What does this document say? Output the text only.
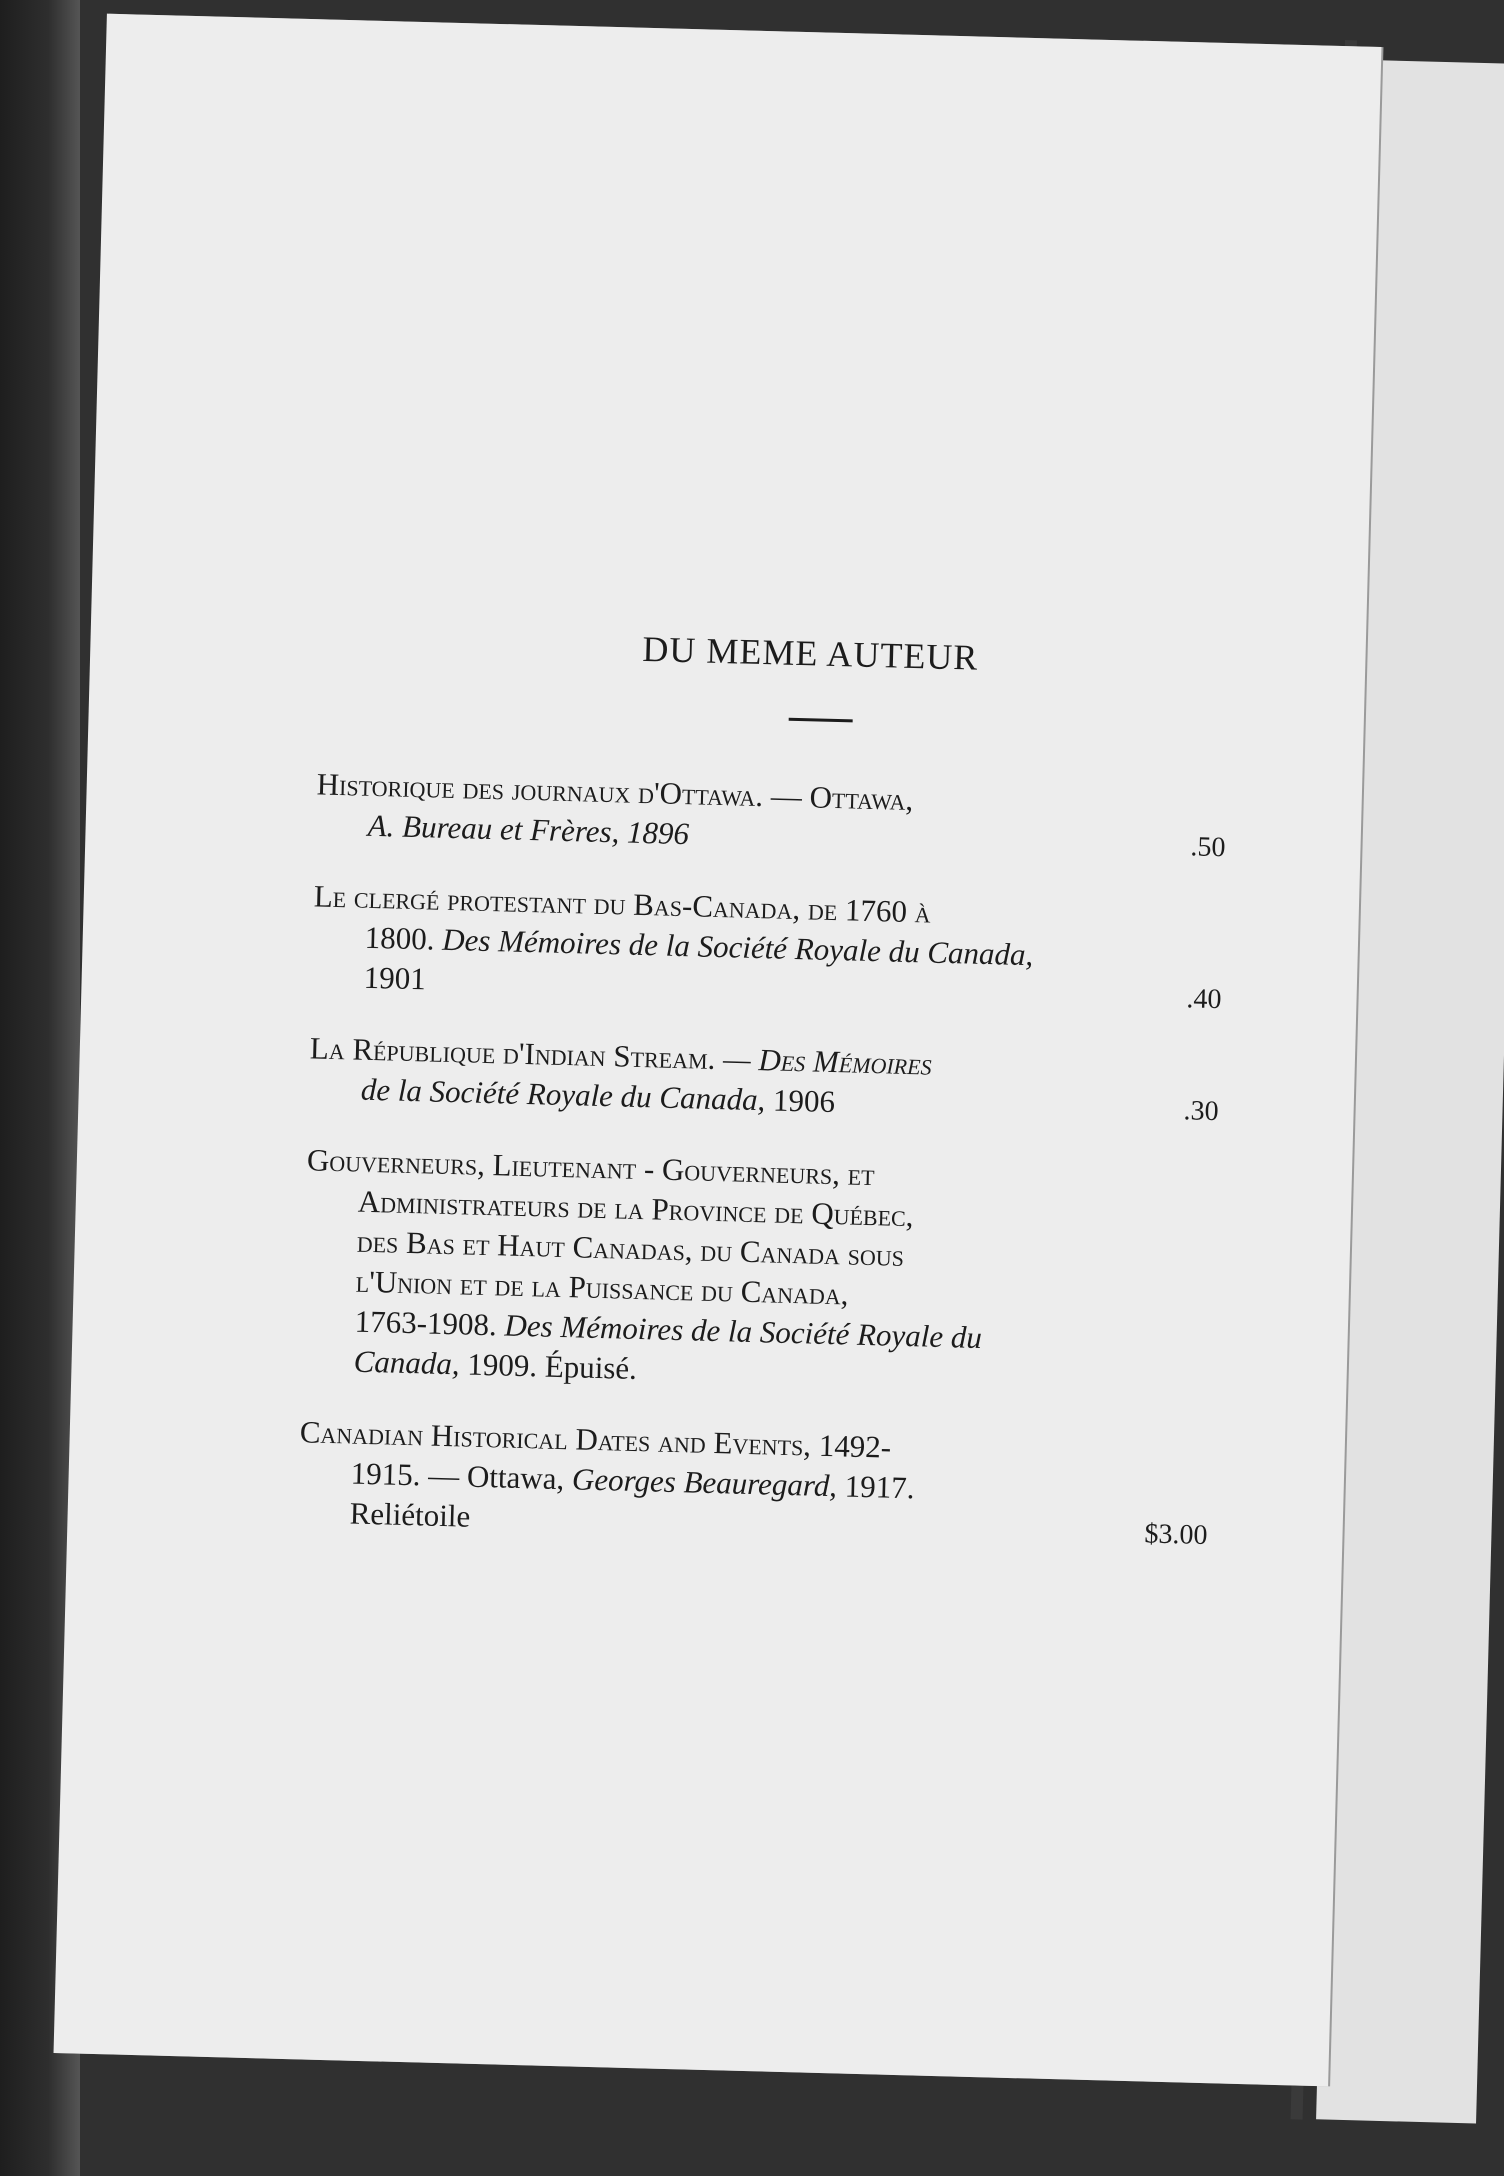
DU MEME AUTEUR
Historique des journaux d'Ottawa. — Ottawa,
A. Bureau et Frères, 1896	.50
Le clergé protestant du Bas-Canada, de 1760 à
1800. Des Mémoires de la Société Royale du Canada,
1901
.40
La République d'Indian Stream. — Des Mémoires
de la Société Royale du Canada, 1906	.30
Gouverneurs, Lieutenant - Gouverneurs, et
Administrateurs de la Province de Québec,
des Bas et Haut Canadas, du Canada sous
l'Union et de la Puissance du Canada,
1763-1908. Des Mémoires de la Société Royale du
Canada, 1909. Épuisé.
Canadian Historical Dates and Events, 1492-
1915. — Ottawa, Georges Beauregard, 1917.
Reliétoile
$3.00
